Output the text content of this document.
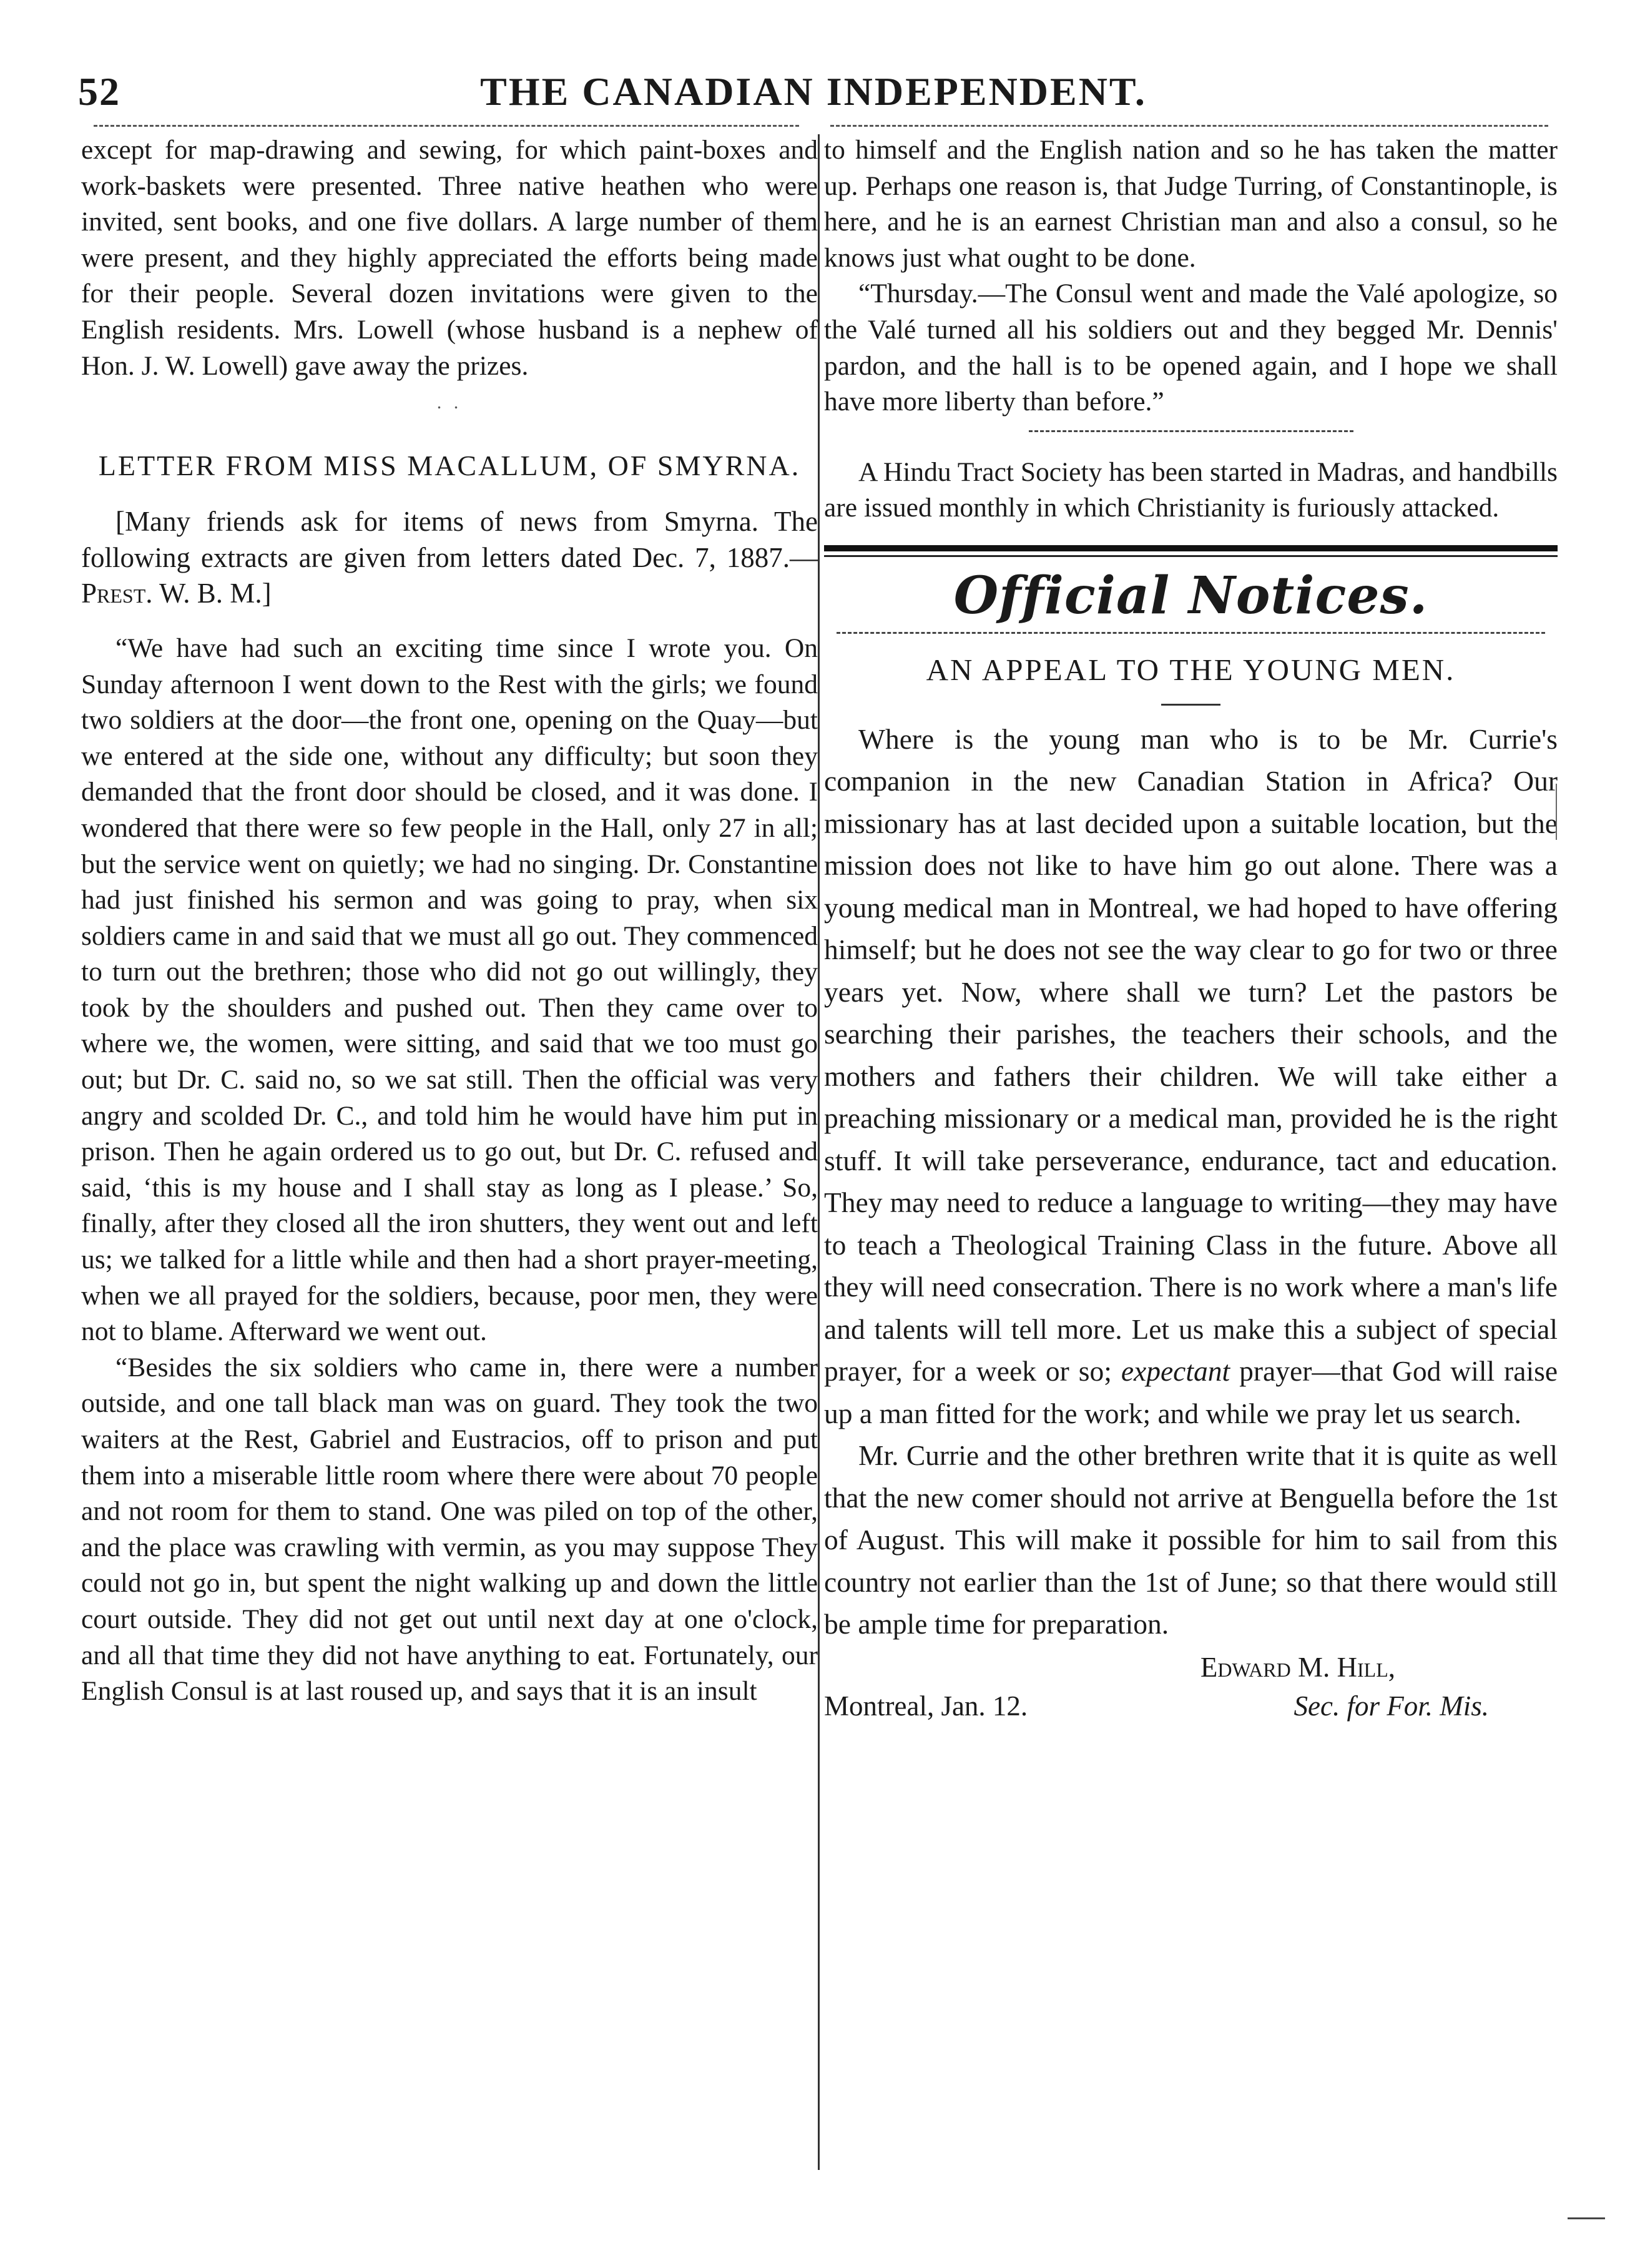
52	THE CANADIAN INDEPENDENT.

except for map-drawing and sewing, for which paint-boxes and work-baskets were presented. Three native heathen who were invited, sent books, and one five dollars. A large number of them were present, and they highly appreciated the efforts being made for their people. Several dozen invitations were given to the English residents. Mrs. Lowell (whose husband is a nephew of Hon. J. W. Lowell) gave away the prizes.

. .
LETTER FROM MISS MACALLUM, OF SMYRNA.

[Many friends ask for items of news from Smyrna. The following extracts are given from letters dated Dec. 7, 1887.—Prest. W. B. M.]

“We have had such an exciting time since I wrote you. On Sunday afternoon I went down to the Rest with the girls; we found two soldiers at the door—the front one, opening on the Quay—but we entered at the side one, without any difficulty; but soon they demanded that the front door should be closed, and it was done. I wondered that there were so few people in the Hall, only 27 in all; but the service went on quietly; we had no singing. Dr. Constantine had just finished his sermon and was going to pray, when six soldiers came in and said that we must all go out. They commenced to turn out the brethren; those who did not go out willingly, they took by the shoulders and pushed out. Then they came over to where we, the women, were sitting, and said that we too must go out; but Dr. C. said no, so we sat still. Then the official was very angry and scolded Dr. C., and told him he would have him put in prison. Then he again ordered us to go out, but Dr. C. refused and said, ‘this is my house and I shall stay as long as I please.’ So, finally, after they closed all the iron shutters, they went out and left us; we talked for a little while and then had a short prayer-meeting, when we all prayed for the soldiers, because, poor men, they were not to blame. Afterward we went out.

“Besides the six soldiers who came in, there were a number outside, and one tall black man was on guard. They took the two waiters at the Rest, Gabriel and Eustracios, off to prison and put them into a miserable little room where there were about 70 people and not room for them to stand. One was piled on top of the other, and the place was crawling with vermin, as you may suppose They could not go in, but spent the night walking up and down the little court outside. They did not get out until next day at one o'clock, and all that time they did not have anything to eat. Fortunately, our English Consul is at last roused up, and says that it is an insult

to himself and the English nation and so he has taken the matter up. Perhaps one reason is, that Judge Turring, of Constantinople, is here, and he is an earnest Christian man and also a consul, so he knows just what ought to be done.

“Thursday.—The Consul went and made the Valé apologize, so the Valé turned all his soldiers out and they begged Mr. Dennis' pardon, and the hall is to be opened again, and I hope we shall have more liberty than before.”

A Hindu Tract Society has been started in Madras, and handbills are issued monthly in which Christianity is furiously attacked.

Official Notices.
AN APPEAL TO THE YOUNG MEN.

Where is the young man who is to be Mr. Currie's companion in the new Canadian Station in Africa? Our missionary has at last decided upon a suitable location, but the mission does not like to have him go out alone. There was a young medical man in Montreal, we had hoped to have offering himself; but he does not see the way clear to go for two or three years yet. Now, where shall we turn? Let the pastors be searching their parishes, the teachers their schools, and the mothers and fathers their children. We will take either a preaching missionary or a medical man, provided he is the right stuff. It will take perseverance, endurance, tact and education. They may need to reduce a language to writing—they may have to teach a Theological Training Class in the future. Above all they will need consecration. There is no work where a man's life and talents will tell more. Let us make this a subject of special prayer, for a week or so; expectant prayer—that God will raise up a man fitted for the work; and while we pray let us search.

Mr. Currie and the other brethren write that it is quite as well that the new comer should not arrive at Benguella before the 1st of August. This will make it possible for him to sail from this country not earlier than the 1st of June; so that there would still be ample time for preparation.

Edward M. Hill,
Montreal, Jan. 12.	Sec. for For. Mis.
